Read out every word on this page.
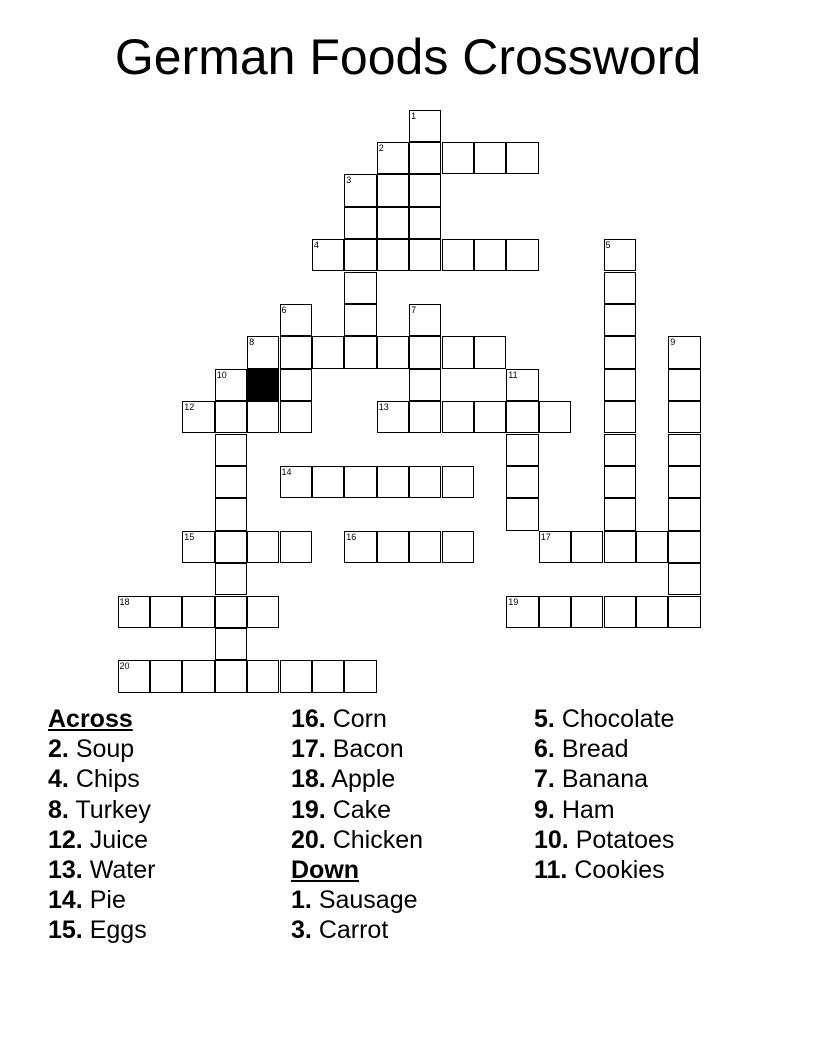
German Foods Crossword
1
2
3
4	5
6	7
8	9
10	11
12	13
14
15	16	17
18	19
20
Across
2. Soup
4. Chips
8. Turkey
12. Juice
13. Water
14. Pie
15. Eggs
16. Corn
17. Bacon
18. Apple
19. Cake
20. Chicken
Down
1. Sausage
3. Carrot
5. Chocolate
6. Bread
7. Banana
9. Ham
10. Potatoes
11. Cookies
